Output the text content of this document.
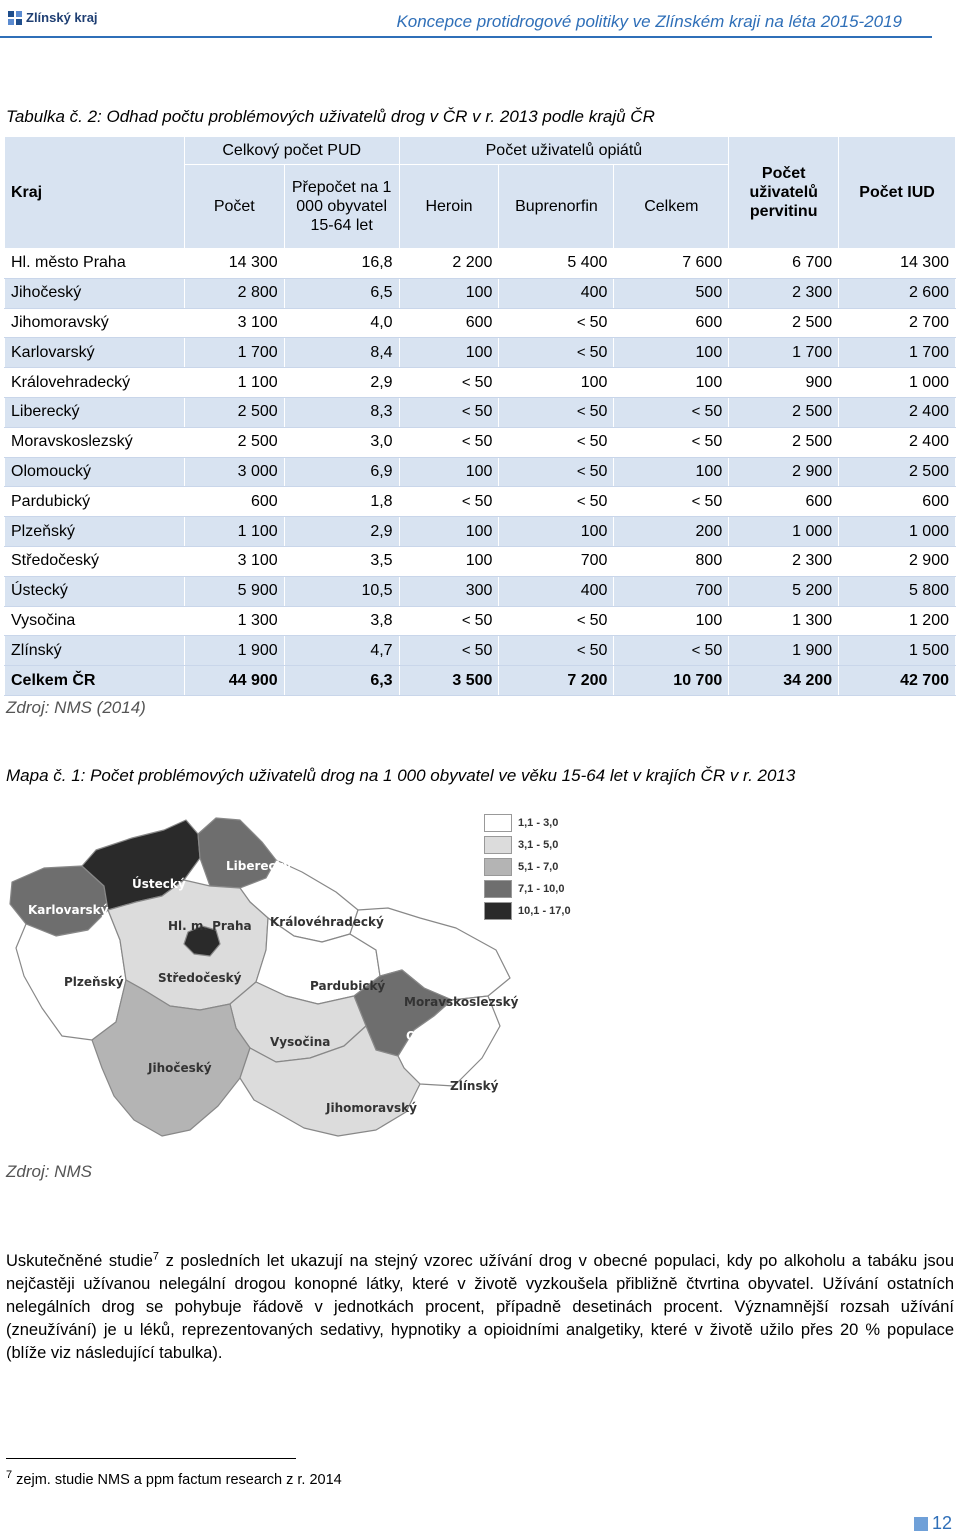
Zlínský kraj	Koncepce protidrogové politiky ve Zlínském kraji na léta 2015-2019
Tabulka č. 2: Odhad počtu problémových uživatelů drog v ČR v r. 2013 podle krajů ČR
Kraj	Celkový počet PUD		Počet uživatelů opiátů			Počet uživatelů pervitinu	Počet IUD
	Počet	Přepočet na 1 000 obyvatel 15-64 let	Heroin	Buprenorfin	Celkem		
Hl. město Praha	14 300	16,8	2 200	5 400	7 600	6 700	14 300
Jihočeský	2 800	6,5	100	400	500	2 300	2 600
Jihomoravský	3 100	4,0	600	< 50	600	2 500	2 700
Karlovarský	1 700	8,4	100	< 50	100	1 700	1 700
Královehradecký	1 100	2,9	< 50	100	100	900	1 000
Liberecký	2 500	8,3	< 50	< 50	< 50	2 500	2 400
Moravskoslezský	2 500	3,0	< 50	< 50	< 50	2 500	2 400
Olomoucký	3 000	6,9	100	< 50	100	2 900	2 500
Pardubický	600	1,8	< 50	< 50	< 50	600	600
Plzeňský	1 100	2,9	100	100	200	1 000	1 000
Středočeský	3 100	3,5	100	700	800	2 300	2 900
Ústecký	5 900	10,5	300	400	700	5 200	5 800
Vysočina	1 300	3,8	< 50	< 50	100	1 300	1 200
Zlínský	1 900	4,7	< 50	< 50	< 50	1 900	1 500
Celkem ČR	44 900	6,3	3 500	7 200	10 700	34 200	42 700
Zdroj: NMS (2014)
Mapa č. 1: Počet problémových uživatelů drog na 1 000 obyvatel ve věku 15-64 let v krajích ČR v r. 2013
Ústecký
Liberecký
Karlovarský
Hl. m. Praha Královéhradecký
Plzeňský	Středočeský
Pardubický
Moravskoslezský
Olomoucký
Vysočina
Jihočeský
Zlínský
Jihomoravský
1,1 - 3,0
3,1 - 5,0
5,1 - 7,0
7,1 - 10,0
10,1 - 17,0
Zdroj: NMS

Uskutečněné studie$^7$ z posledních let ukazují na stejný vzorec užívání drog v obecné populaci, kdy po alkoholu a tabáku jsou nejčastěji užívanou nelegální drogou konopné látky, které v životě vyzkoušela přibližně čtvrtina obyvatel. Užívání ostatních nelegálních drog se pohybuje řádově v jednotkách procent, případně desetinách procent. Významnější rozsah užívání (zneužívání) je u léků, reprezentovaných sedativy, hypnotiky a opioidními analgetiky, které v životě užilo přes 20 % populace (blíže viz následující tabulka).

$^7$ zejm. studie NMS a ppm factum research z r. 2014
12
